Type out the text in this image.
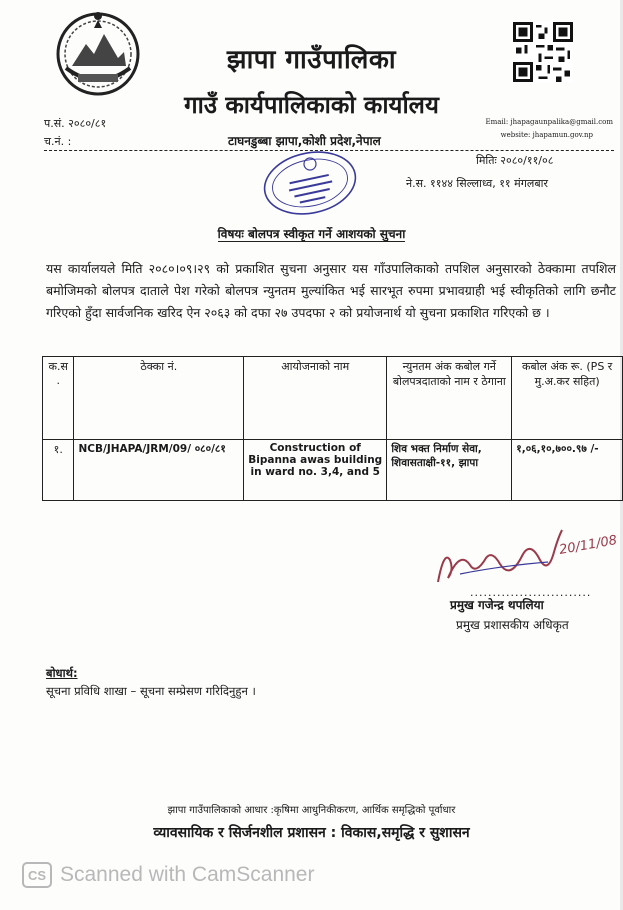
झापा गाउँपालिका
गाउँ कार्यपालिकाको कार्यालय
प.सं. २०८०/८१
च.नं. :
Email: jhapagaunpalika@gmail.com
website: jhapamun.gov.np
टाघनडुब्बा झापा,कोशी प्रदेश,नेपाल
मितिः २०८०/११/०८
ने.स. ११४४ सिल्लाध्व, ११ मंगलबार
विषयः बोलपत्र स्वीकृत गर्ने आशयको सुचना
यस कार्यालयले मिति २०८०।०९।२९ को प्रकाशित सुचना अनुसार यस गाँउपालिकाको तपशिल अनुसारको ठेक्कामा तपशिल बमोजिमको बोलपत्र दाताले पेश गरेको बोलपत्र न्युनतम मुल्यांकित भई सारभूत रुपमा प्रभावग्राही भई स्वीकृतिको लागि छनौट गरिएको हुँदा सार्वजनिक खरिद ऐन २०६३ को दफा २७ उपदफा २ को प्रयोजनार्थ यो सुचना प्रकाशित गरिएको छ ।
क.स .	ठेक्का नं.	आयोजनाको नाम	न्युनतम अंक कबोल गर्ने बोलपत्रदाताको नाम र ठेगाना	कबोल अंक रू. (PS र मु.अ.कर सहित)
१.	NCB/JHAPA/JRM/09/ ०८०/८१	Construction of Bipanna awas building in ward no. 3,4, and 5	शिव भक्त निर्माण सेवा, शिवासताक्षी-११, झापा	१,०६,१०,७००.९७ /-
20/11/08
...........................
प्रमुख गजेन्द्र थपलिया
प्रमुख प्रशासकीय अधिकृत
बोधार्थ:
सूचना प्रविधि शाखा – सूचना सम्प्रेसण गरिदिनुहुन ।
झापा गाउँपालिकाको आधार :कृषिमा आधुनिकीकरण, आर्थिक समृद्धिको पूर्वाधार
व्यावसायिक र सिर्जनशील प्रशासन : विकास,समृद्धि र सुशासन
CS Scanned with CamScanner
